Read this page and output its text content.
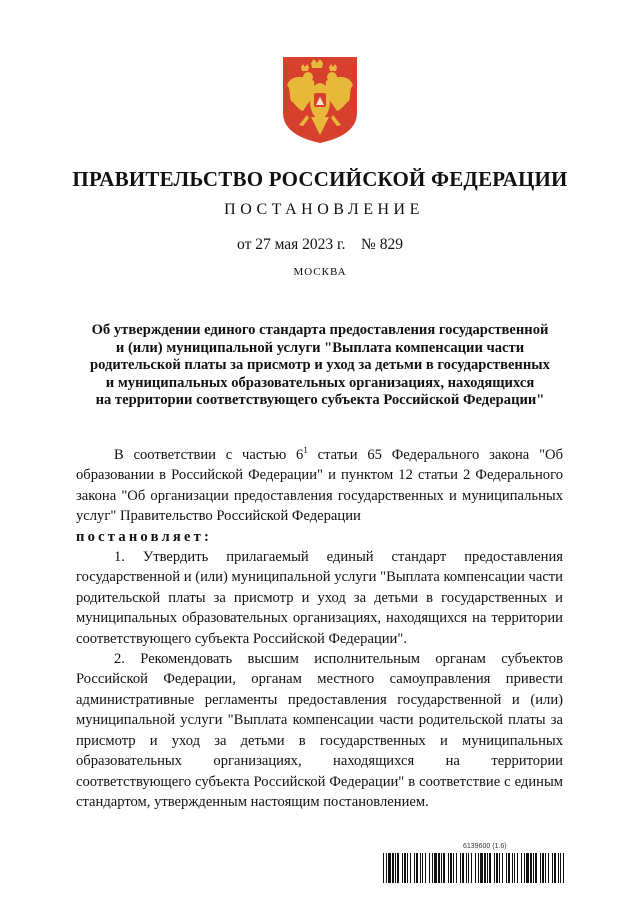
ПРАВИТЕЛЬСТВО РОССИЙСКОЙ ФЕДЕРАЦИИ
ПОСТАНОВЛЕНИЕ
от 27 мая 2023 г. № 829
МОСКВА
Об утверждении единого стандарта предоставления государственной
и (или) муниципальной услуги "Выплата компенсации части
родительской платы за присмотр и уход за детьми в государственных
и муниципальных образовательных организациях, находящихся
на территории соответствующего субъекта Российской Федерации"

В соответствии с частью $6^1$ статьи 65 Федерального закона "Об образовании в Российской Федерации" и пунктом 12 статьи 2 Федерального закона "Об организации предоставления государственных и муниципальных услуг" Правительство Российской Федерации

постановляет:

1. Утвердить прилагаемый единый стандарт предоставления государственной и (или) муниципальной услуги "Выплата компенсации части родительской платы за присмотр и уход за детьми в государственных и муниципальных образовательных организациях, находящихся на территории соответствующего субъекта Российской Федерации".

2. Рекомендовать высшим исполнительным органам субъектов Российской Федерации, органам местного самоуправления привести административные регламенты предоставления государственной и (или) муниципальной услуги "Выплата компенсации части родительской платы за присмотр и уход за детьми в государственных и муниципальных образовательных организациях, находящихся на территории соответствующего субъекта Российской Федерации" в соответствие с единым стандартом, утвержденным настоящим постановлением.

6139600 (1.6)
